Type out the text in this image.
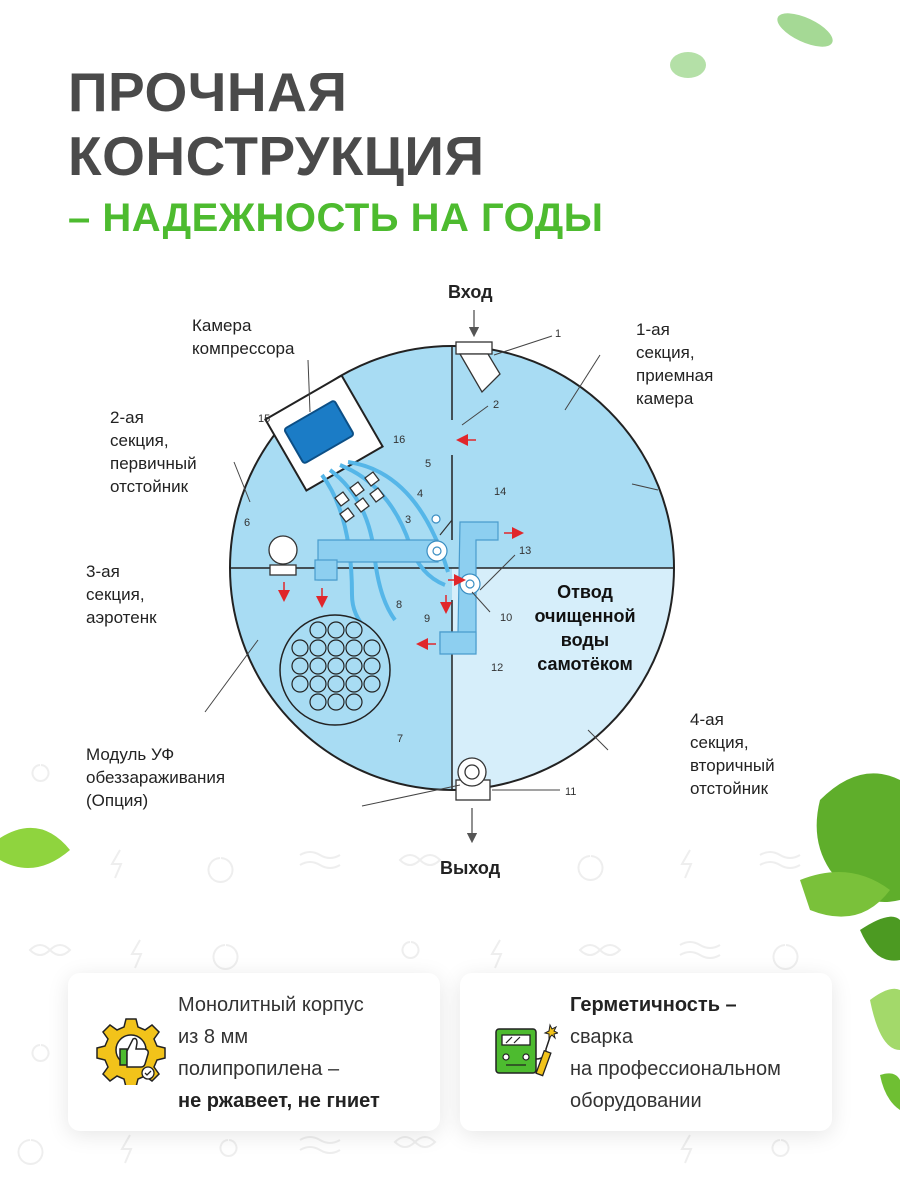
ПРОЧНАЯ
КОНСТРУКЦИЯ
– НАДЕЖНОСТЬ НА ГОДЫ
1
2
3
4
5
6
7
8
9	10
11
12
13
14
15
16
Вход
Выход
Камера
компрессора
1-ая
секция,
приемная
камера
2-ая
секция,
первичный
отстойник
3-ая
секция,
аэротенк
4-ая
секция,
вторичный
отстойник
Модуль УФ
обеззараживания
(Опция)
Отвод
очищенной
воды
самотёком
Монолитный корпус
из 8 мм
полипропилена –
не ржавеет, не гниет
Герметичность –
сварка
на профессиональном
оборудовании
